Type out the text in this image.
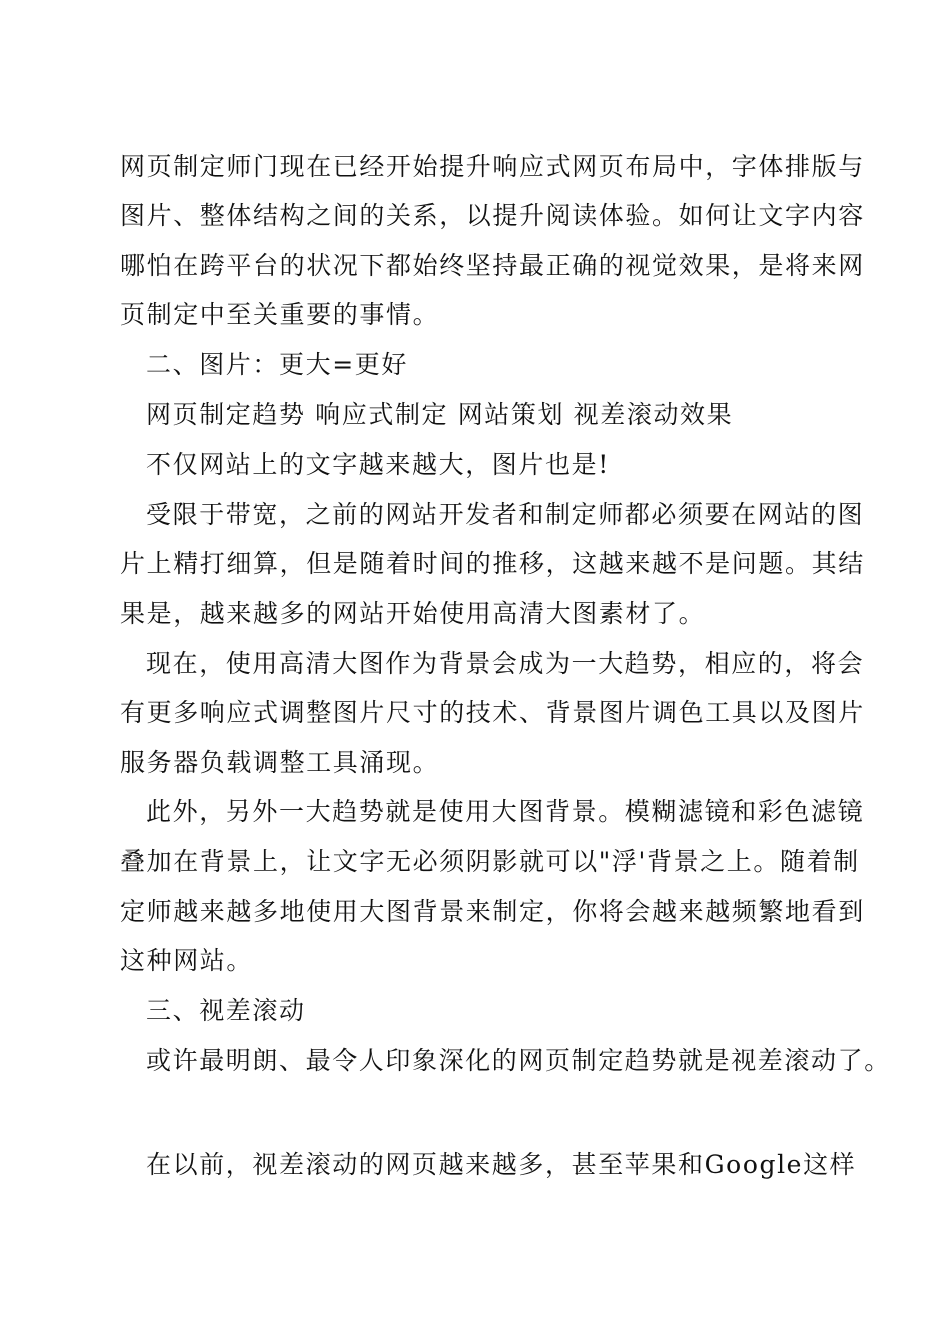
网页制定师门现在已经开始提升响应式网页布局中，字体排版与
图片、整体结构之间的关系，以提升阅读体验。如何让文字内容
哪怕在跨平台的状况下都始终坚持最正确的视觉效果，是将来网
页制定中至关重要的事情。
二、图片：更大=更好
网页制定趋势 响应式制定 网站策划 视差滚动效果
不仅网站上的文字越来越大，图片也是!
受限于带宽，之前的网站开发者和制定师都必须要在网站的图
片上精打细算，但是随着时间的推移，这越来越不是问题。其结
果是，越来越多的网站开始使用高清大图素材了。
现在，使用高清大图作为背景会成为一大趋势，相应的，将会
有更多响应式调整图片尺寸的技术、背景图片调色工具以及图片
服务器负载调整工具涌现。
此外，另外一大趋势就是使用大图背景。模糊滤镜和彩色滤镜
叠加在背景上，让文字无必须阴影就可以"浮'背景之上。随着制
定师越来越多地使用大图背景来制定，你将会越来越频繁地看到
这种网站。
三、视差滚动
或许最明朗、最令人印象深化的网页制定趋势就是视差滚动了。
在以前，视差滚动的网页越来越多，甚至苹果和Google这样
